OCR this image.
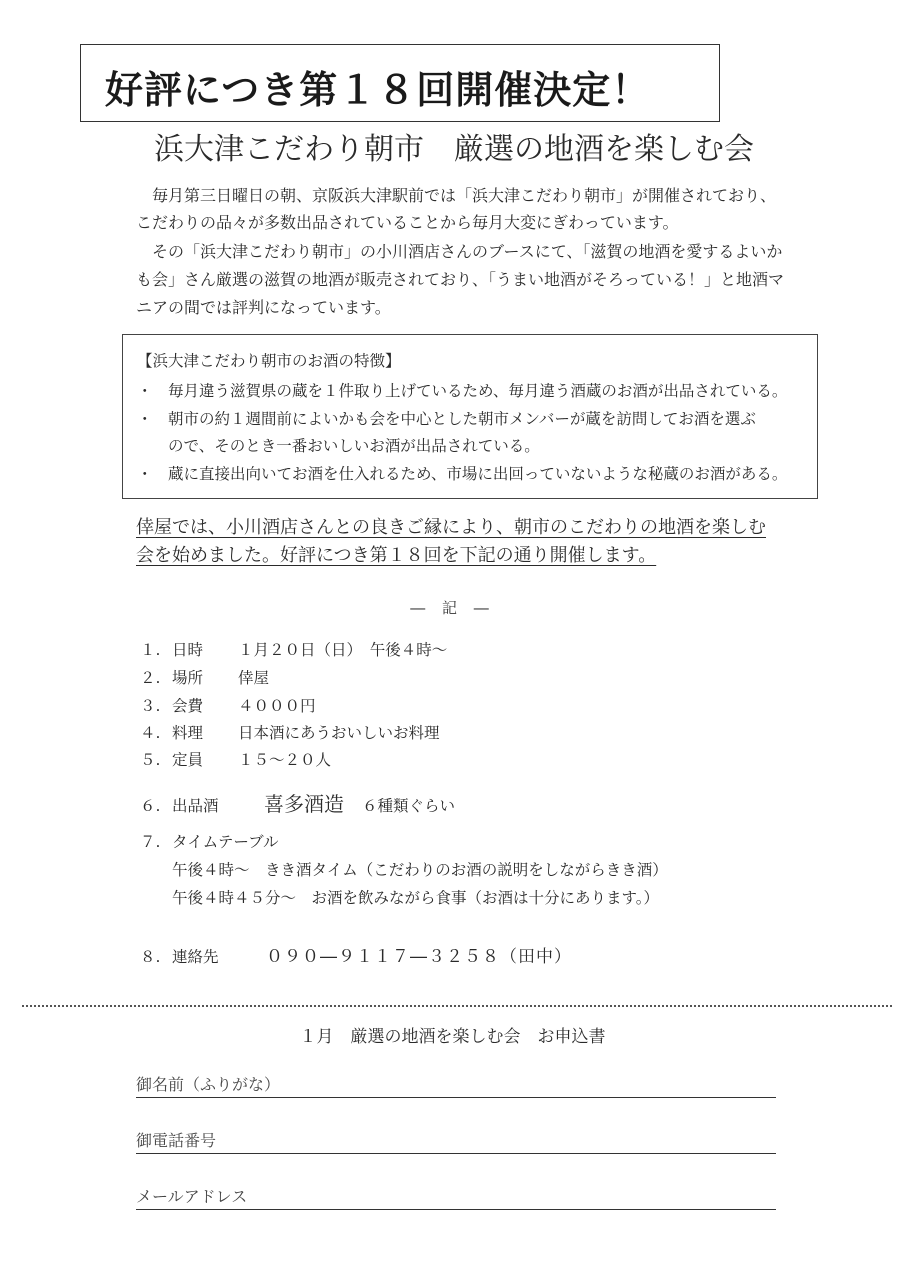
好評につき第１８回開催決定！
浜大津こだわり朝市　厳選の地酒を楽しむ会
毎月第三日曜日の朝、京阪浜大津駅前では「浜大津こだわり朝市」が開催されており、
こだわりの品々が多数出品されていることから毎月大変にぎわっています。
その「浜大津こだわり朝市」の小川酒店さんのブースにて、「滋賀の地酒を愛するよいか
も会」さん厳選の滋賀の地酒が販売されており、「うまい地酒がそろっている！」と地酒マ
ニアの間では評判になっています。
【浜大津こだわり朝市のお酒の特徴】
・　毎月違う滋賀県の蔵を１件取り上げているため、毎月違う酒蔵のお酒が出品されている。
・　朝市の約１週間前によいかも会を中心とした朝市メンバーが蔵を訪問してお酒を選ぶ
　　ので、そのとき一番おいしいお酒が出品されている。
・　蔵に直接出向いてお酒を仕入れるため、市場に出回っていないような秘蔵のお酒がある。
倖屋では、小川酒店さんとの良きご縁により、朝市のこだわりの地酒を楽しむ
会を始めました。好評につき第１８回を下記の通り開催します。
― 記 ―
１. 日時 １月２０日（日）　午後４時～
２. 場所 倖屋
３. 会費 ４０００円
４. 料理 日本酒にあうおいしいお料理
５. 定員 １５～２０人
６. 出品酒 喜多酒造 ６種類ぐらい
７. タイムテーブル
午後４時～　きき酒タイム（こだわりのお酒の説明をしながらきき酒）
午後４時４５分～　お酒を飲みながら食事（お酒は十分にあります。）
８. 連絡先	０９０―９１１７―３２５８（田中）
１月　厳選の地酒を楽しむ会　お申込書
御名前（ふりがな）
御電話番号
メールアドレス
